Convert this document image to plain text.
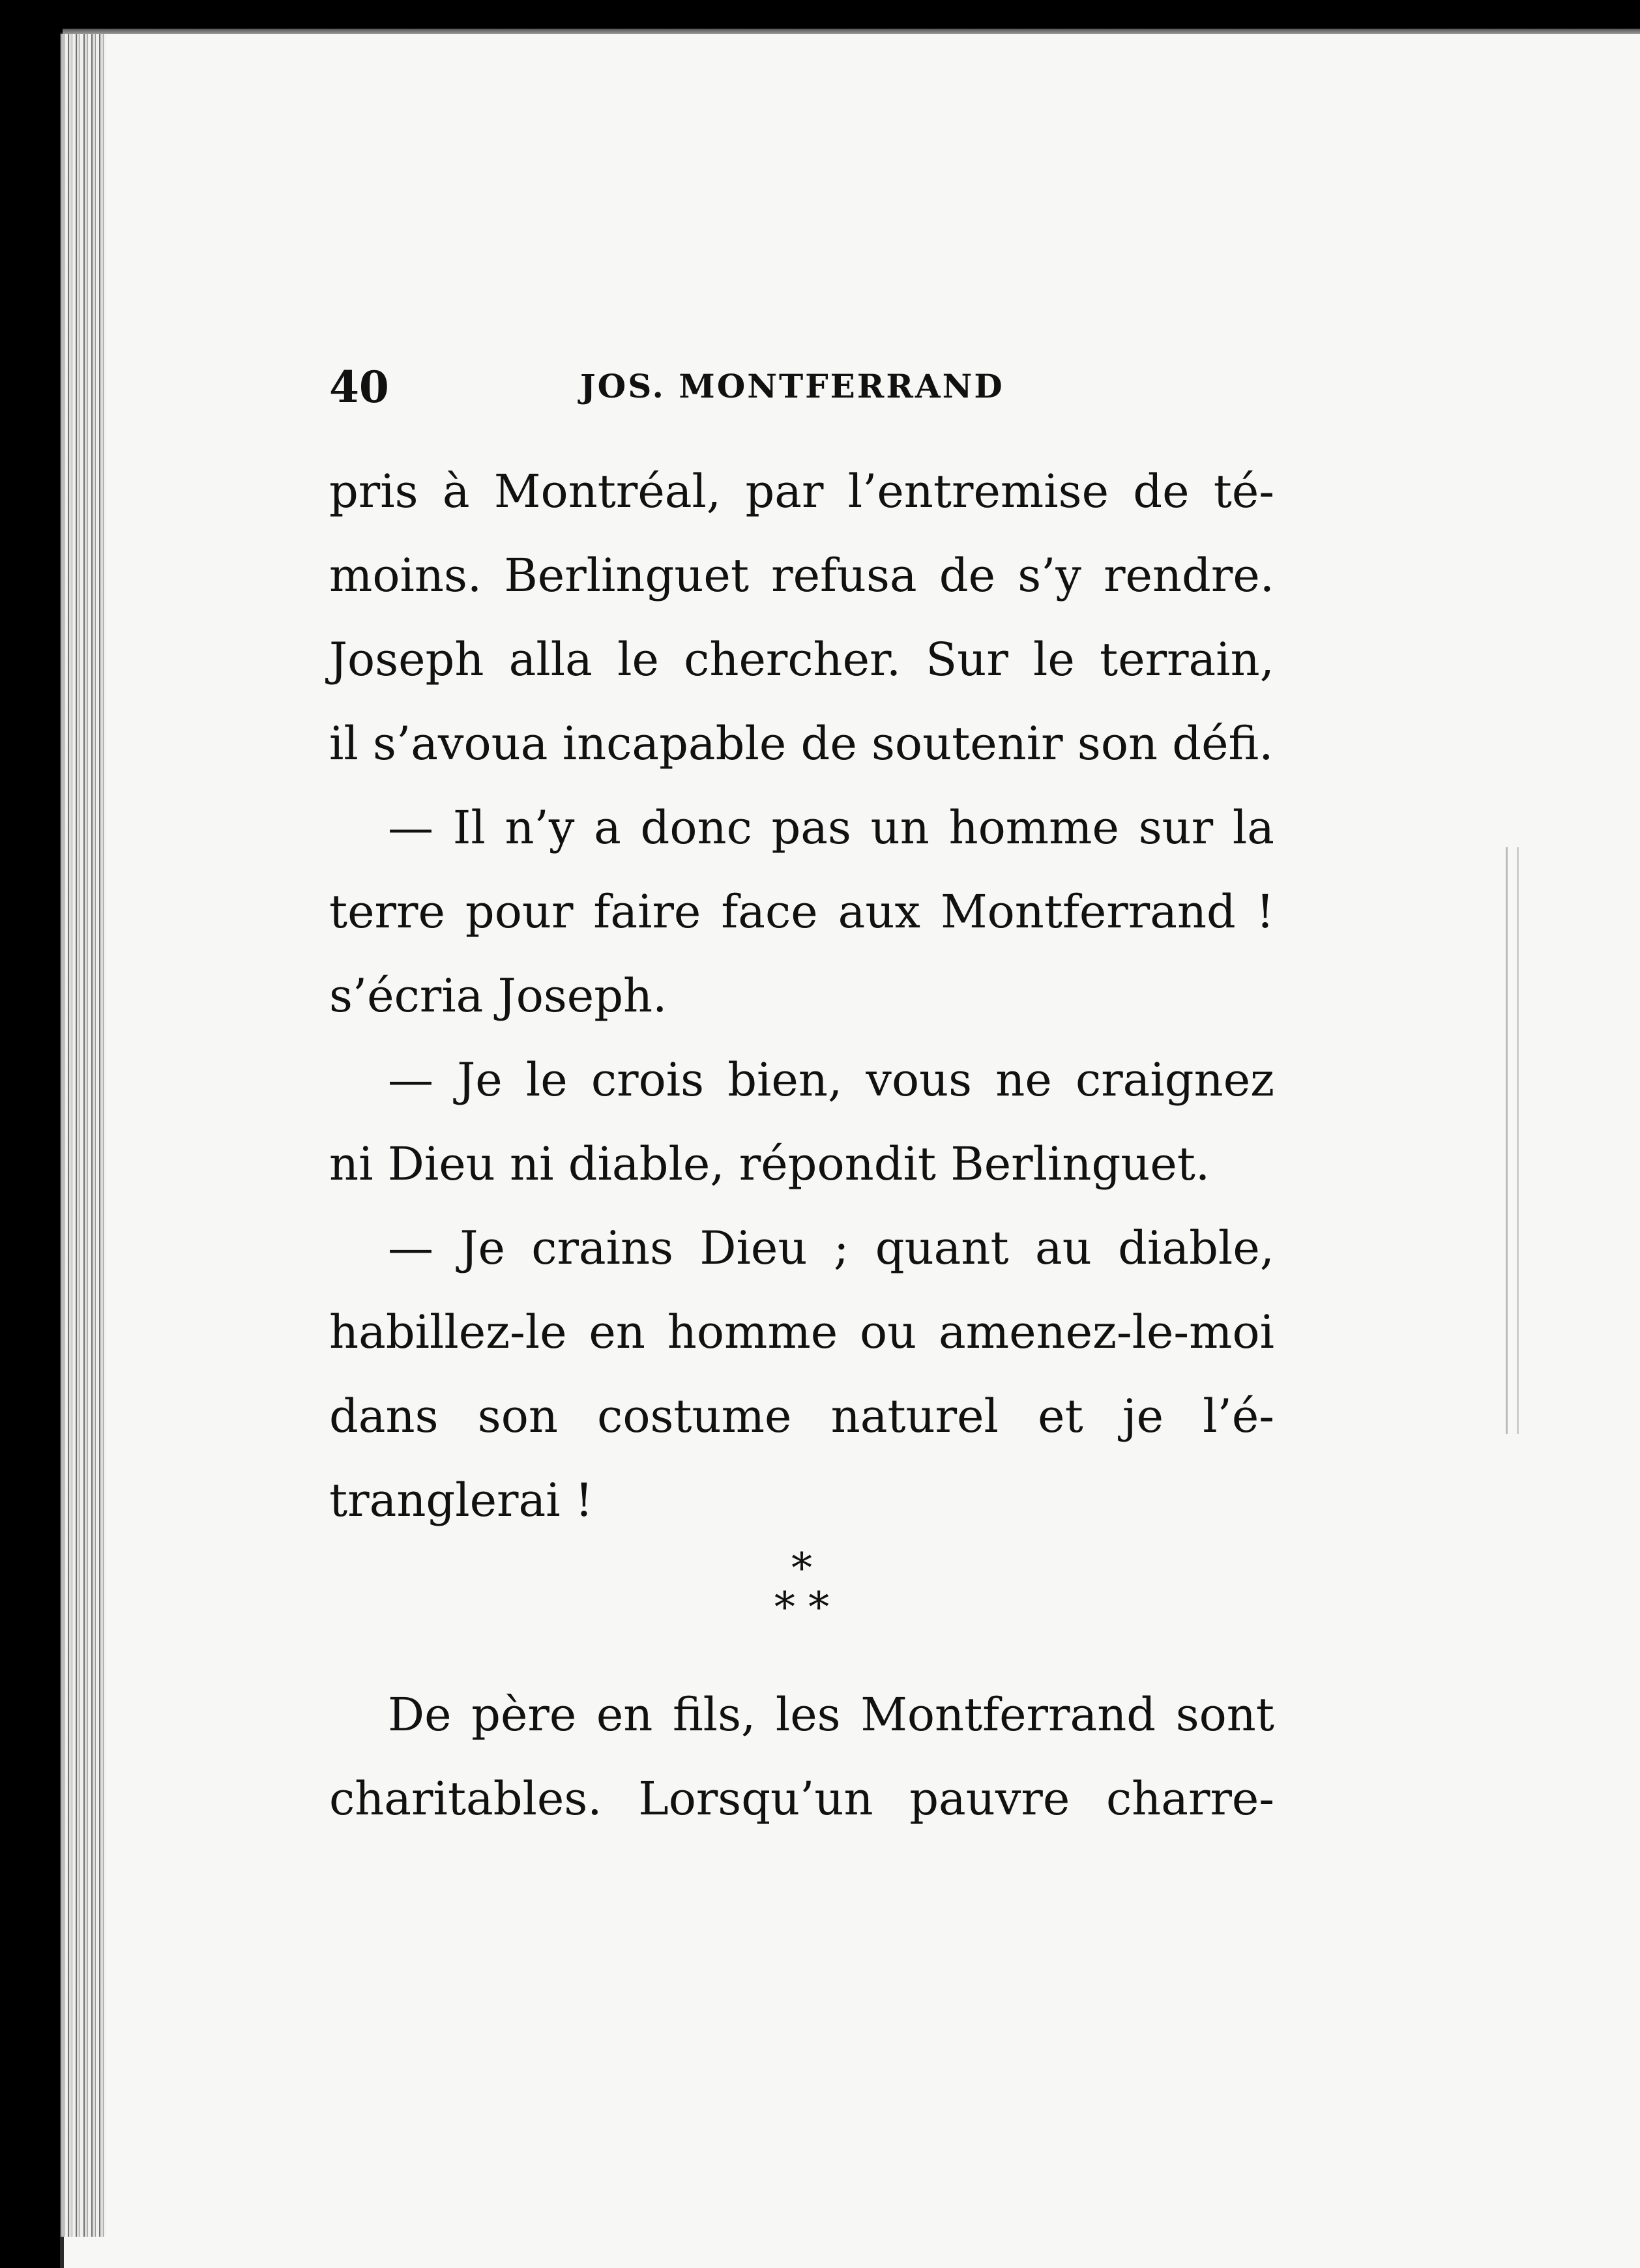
40	JOS. MONTFERRAND
pris à Montréal, par l’entremise de té-
moins. Berlinguet refusa de s’y rendre.
Joseph alla le chercher. Sur le terrain,
il s’avoua incapable de soutenir son défi.
— Il n’y a donc pas un homme sur la
terre pour faire face aux Montferrand !
s’écria Joseph.
— Je le crois bien, vous ne craignez
ni Dieu ni diable, répondit Berlinguet.
— Je crains Dieu ; quant au diable,
habillez-le en homme ou amenez-le-moi
dans son costume naturel et je l’é-
tranglerai !
*
* *
De père en fils, les Montferrand sont
charitables. Lorsqu’un pauvre charre-
